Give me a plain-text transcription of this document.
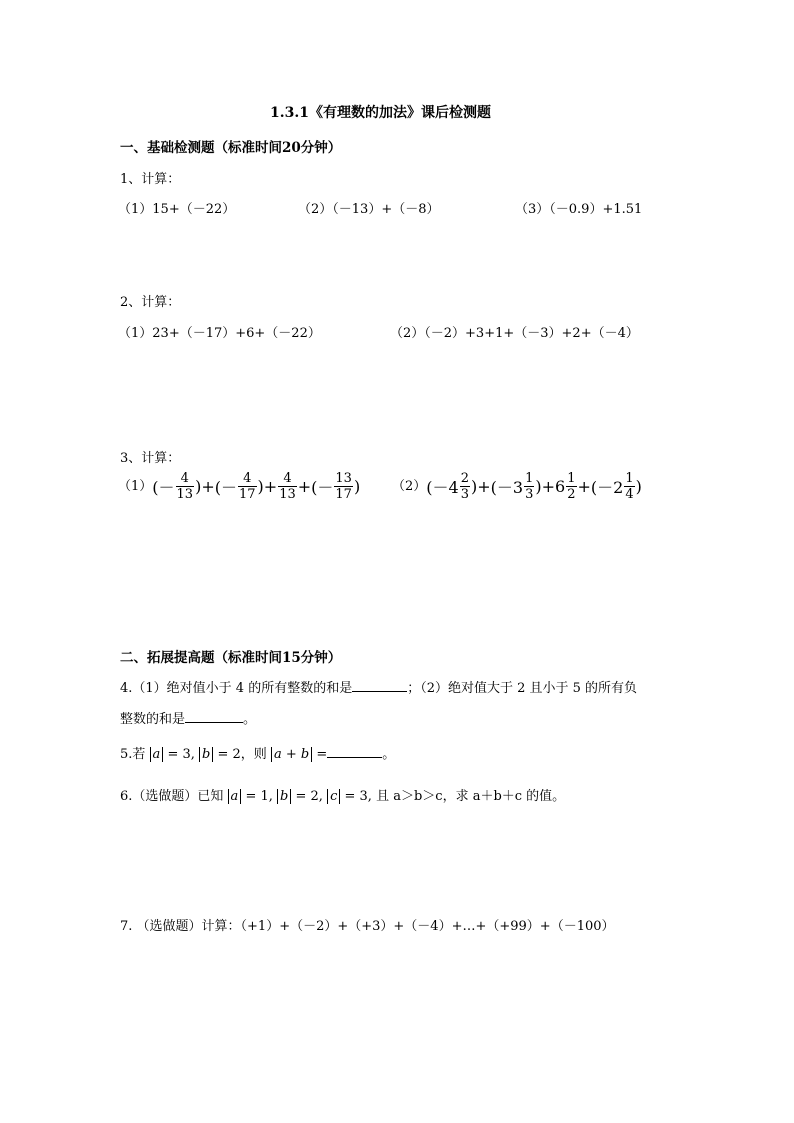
1.3.1《有理数的加法》课后检测题
一、基础检测题（标准时间20分钟）
1、计算：
（1）15+（－22）	（2）（－13）+（－8）	（3）（－0.9）+1.51
2、计算：
（1）23+（－17）+6+（－22）	（2）（－2）+3+1+（－3）+2+（－4）
3、计算：
$(1)(- \frac{4}{13}$ )+(－ $\frac{4}{17}$ )+ $\frac{4}{13}$ +(－ $\frac{13}{17}$ ) $(2)(-4 \frac{2}{3} )+(-3 \frac{1}{3} )+6 \frac{1}{2} +(-2 \frac{1}{4}$ )
二、拓展提高题（标准时间15分钟）
4.（1）绝对值小于 4 的所有整数的和是	；（2）绝对值大于 2 且小于 5 的所有负
整数的和是	。
5.若 a = 3, b = 2，则 a + b =	。
6.（选做题）已知 a = 1, b = 2, c = 3, 且 a＞b＞c，求 a＋b＋c 的值。
7. （选做题）计算：（+1）+（－2）+（+3）+（－4）+…+（+99）+（－100）
